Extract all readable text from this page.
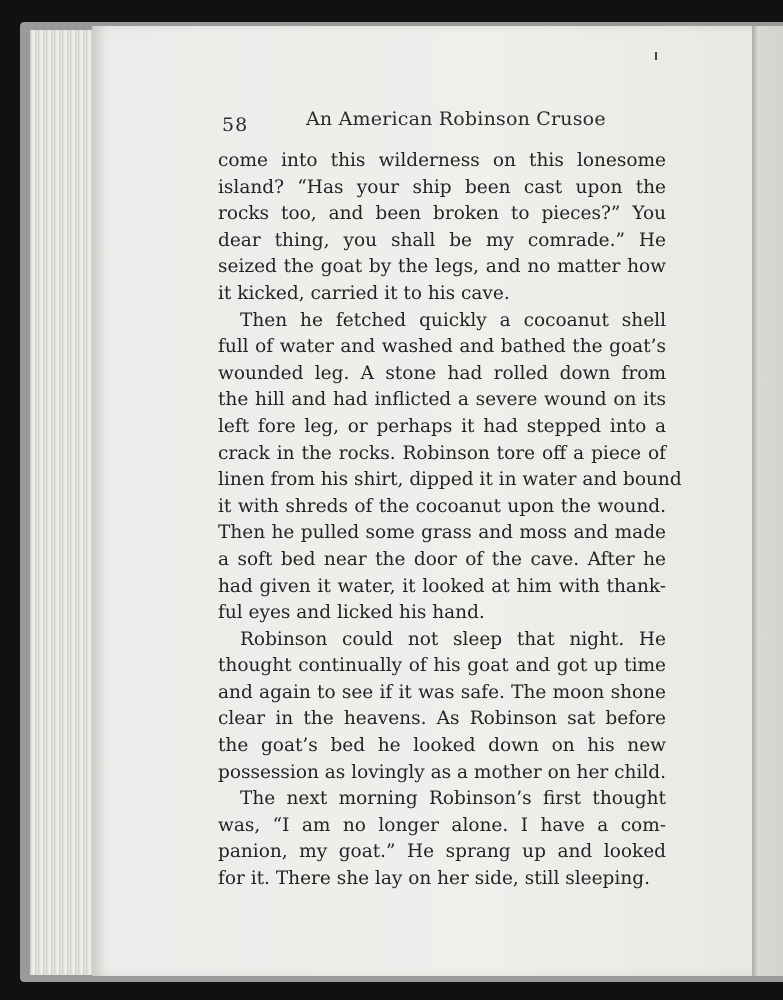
58	An American Robinson Crusoe
come into this wilderness on this lonesome
island? “Has your ship been cast upon the
rocks too, and been broken to pieces?” You
dear thing, you shall be my comrade.” He
seized the goat by the legs, and no matter how
it kicked, carried it to his cave.
Then he fetched quickly a cocoanut shell
full of water and washed and bathed the goat’s
wounded leg. A stone had rolled down from
the hill and had inflicted a severe wound on its
left fore leg, or perhaps it had stepped into a
crack in the rocks. Robinson tore off a piece of
linen from his shirt, dipped it in water and bound
it with shreds of the cocoanut upon the wound.
Then he pulled some grass and moss and made
a soft bed near the door of the cave. After he
had given it water, it looked at him with thank-
ful eyes and licked his hand.
Robinson could not sleep that night. He
thought continually of his goat and got up time
and again to see if it was safe. The moon shone
clear in the heavens. As Robinson sat before
the goat’s bed he looked down on his new
possession as lovingly as a mother on her child.
The next morning Robinson’s first thought
was, “I am no longer alone. I have a com-
panion, my goat.” He sprang up and looked
for it. There she lay on her side, still sleeping.
